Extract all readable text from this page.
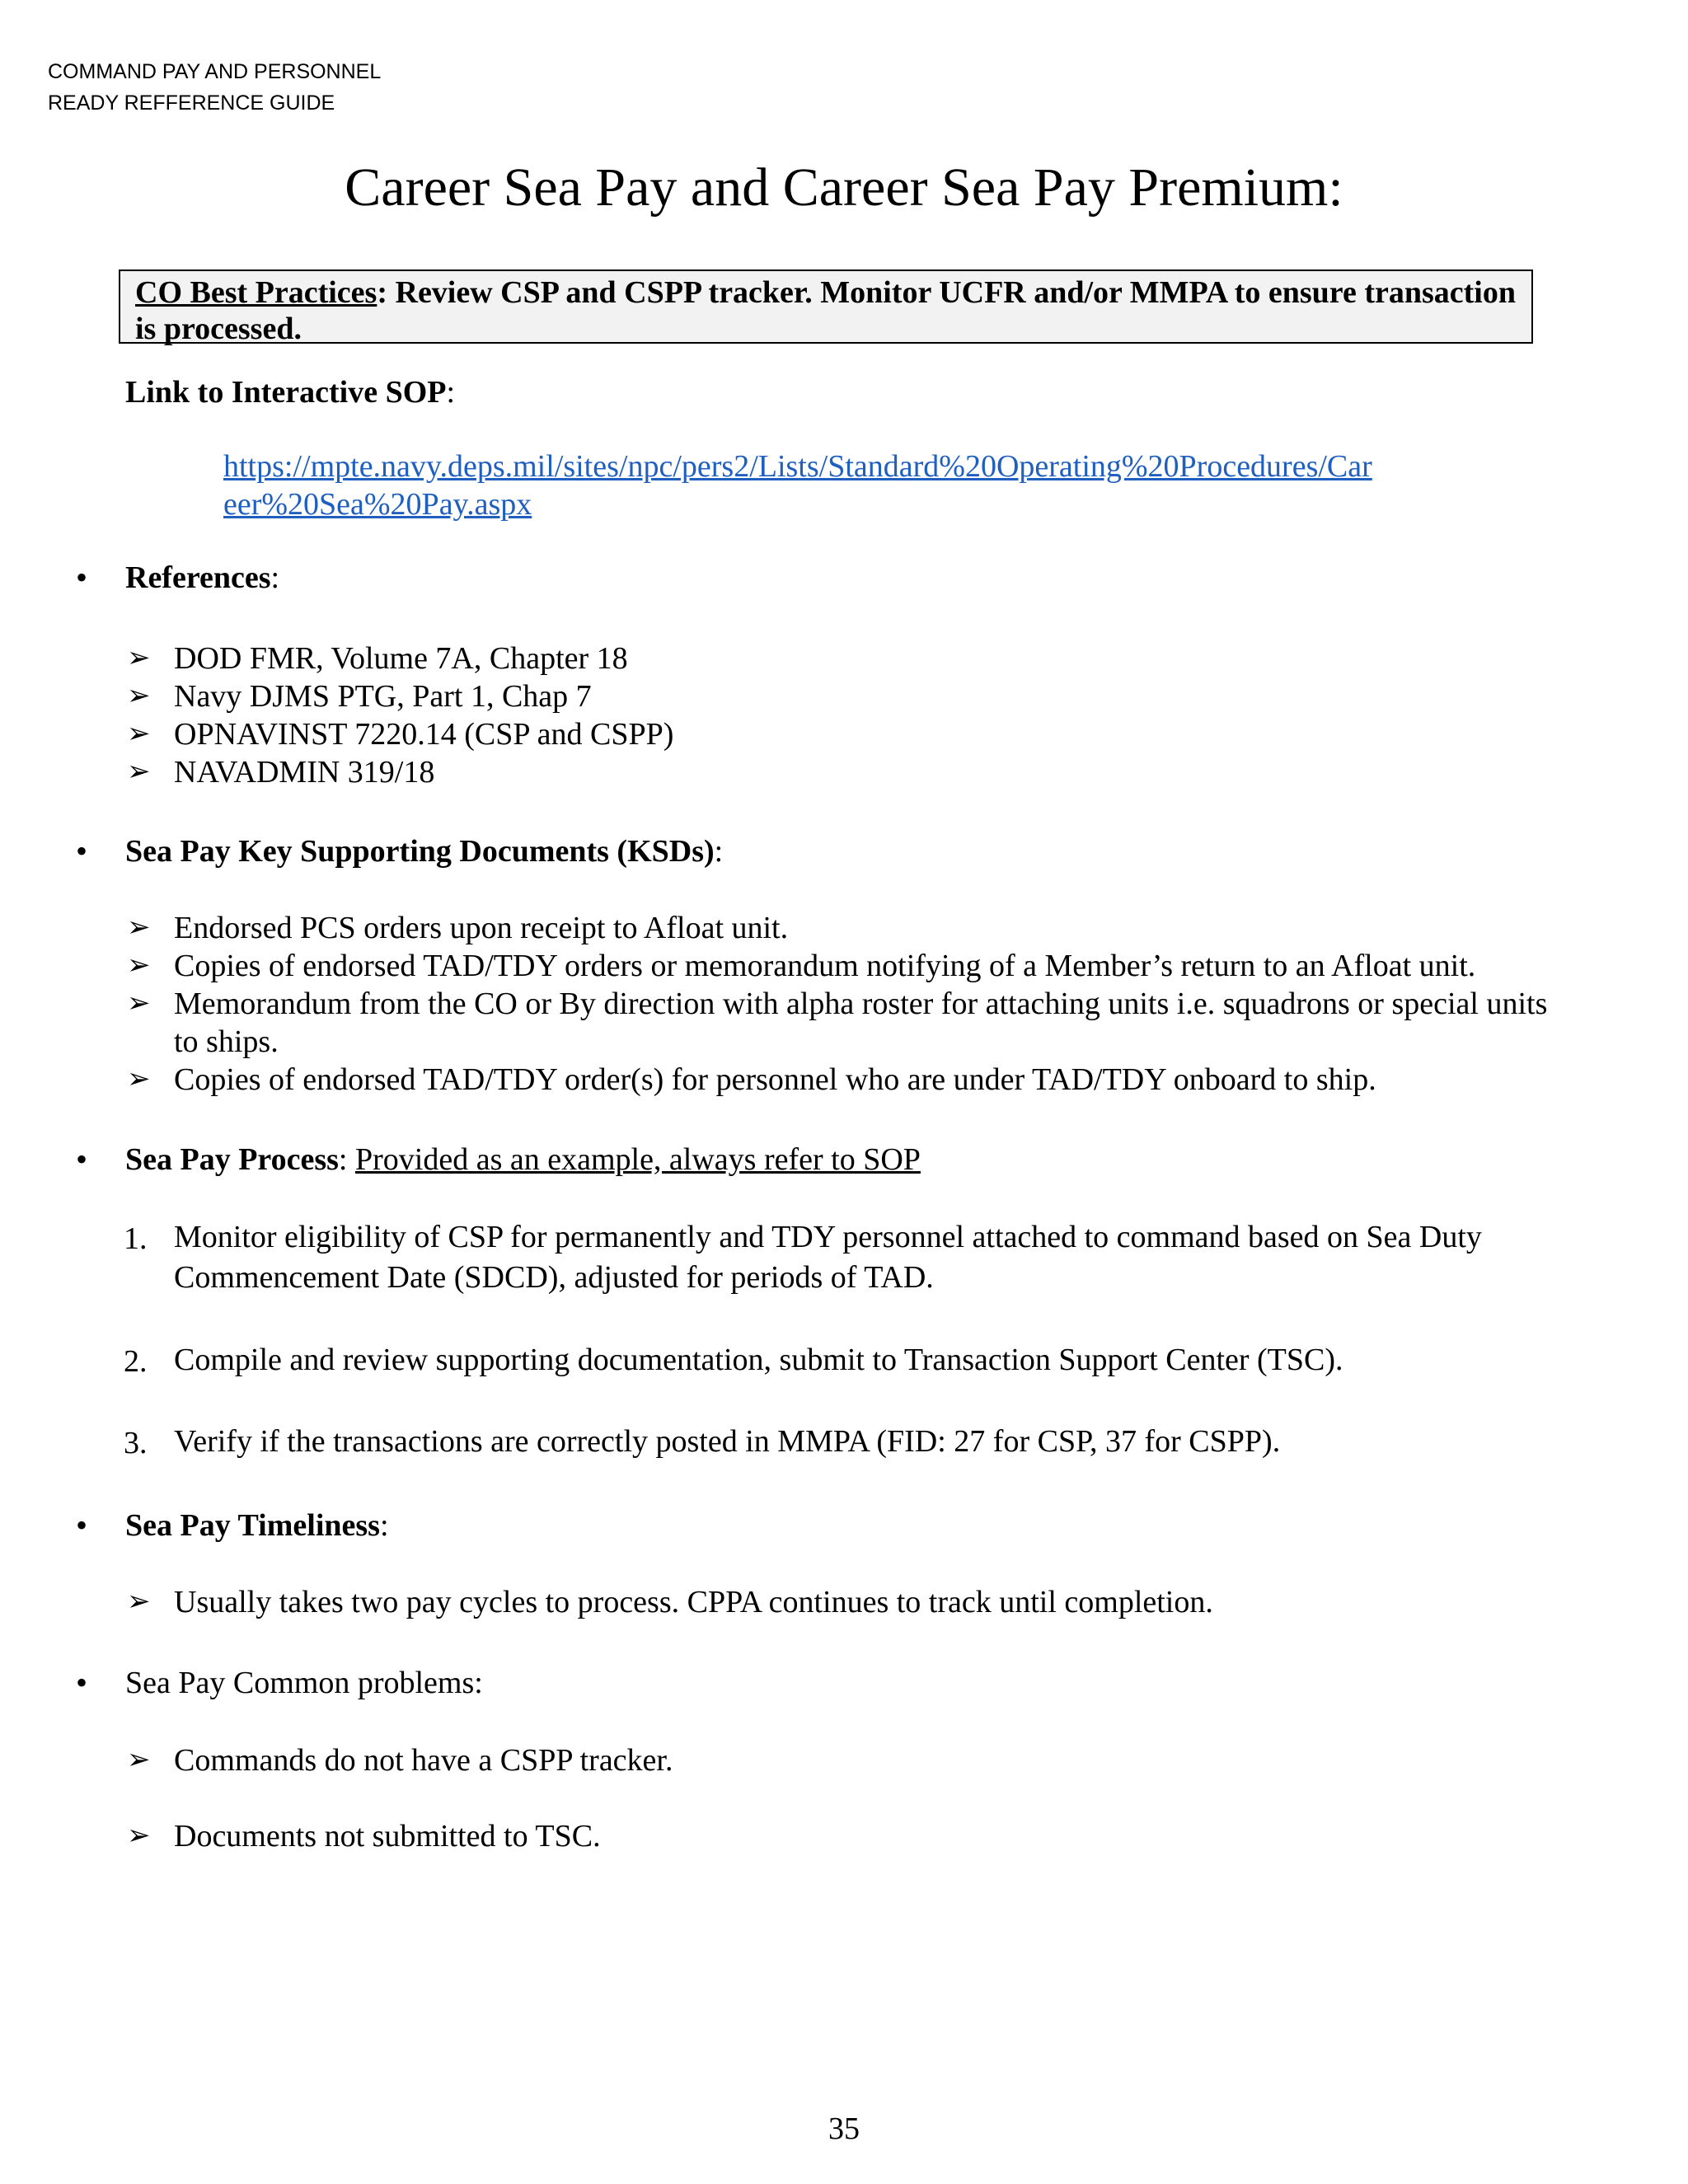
COMMAND PAY AND PERSONNEL
READY REFFERENCE GUIDE
Career Sea Pay and Career Sea Pay Premium:
CO Best Practices: Review CSP and CSPP tracker. Monitor UCFR and/or MMPA to ensure transaction is processed.
Link to Interactive SOP:
https://mpte.navy.deps.mil/sites/npc/pers2/Lists/Standard%20Operating%20Procedures/Car
eer%20Sea%20Pay.aspx
• References:
➢ DOD FMR, Volume 7A, Chapter 18
➢ Navy DJMS PTG, Part 1, Chap 7
➢ OPNAVINST 7220.14 (CSP and CSPP)
➢ NAVADMIN 319/18
• Sea Pay Key Supporting Documents (KSDs):
➢ Endorsed PCS orders upon receipt to Afloat unit.
➢ Copies of endorsed TAD/TDY orders or memorandum notifying of a Member’s return to an Afloat unit.
➢ Memorandum from the CO or By direction with alpha roster for attaching units i.e. squadrons or special units
to ships.
➢ Copies of endorsed TAD/TDY order(s) for personnel who are under TAD/TDY onboard to ship.
• Sea Pay Process: Provided as an example, always refer to SOP
1. Monitor eligibility of CSP for permanently and TDY personnel attached to command based on Sea Duty
Commencement Date (SDCD), adjusted for periods of TAD.
2. Compile and review supporting documentation, submit to Transaction Support Center (TSC).
3. Verify if the transactions are correctly posted in MMPA (FID: 27 for CSP, 37 for CSPP).
• Sea Pay Timeliness:
➢ Usually takes two pay cycles to process. CPPA continues to track until completion.
• Sea Pay Common problems:
➢ Commands do not have a CSPP tracker.
➢ Documents not submitted to TSC.
35
